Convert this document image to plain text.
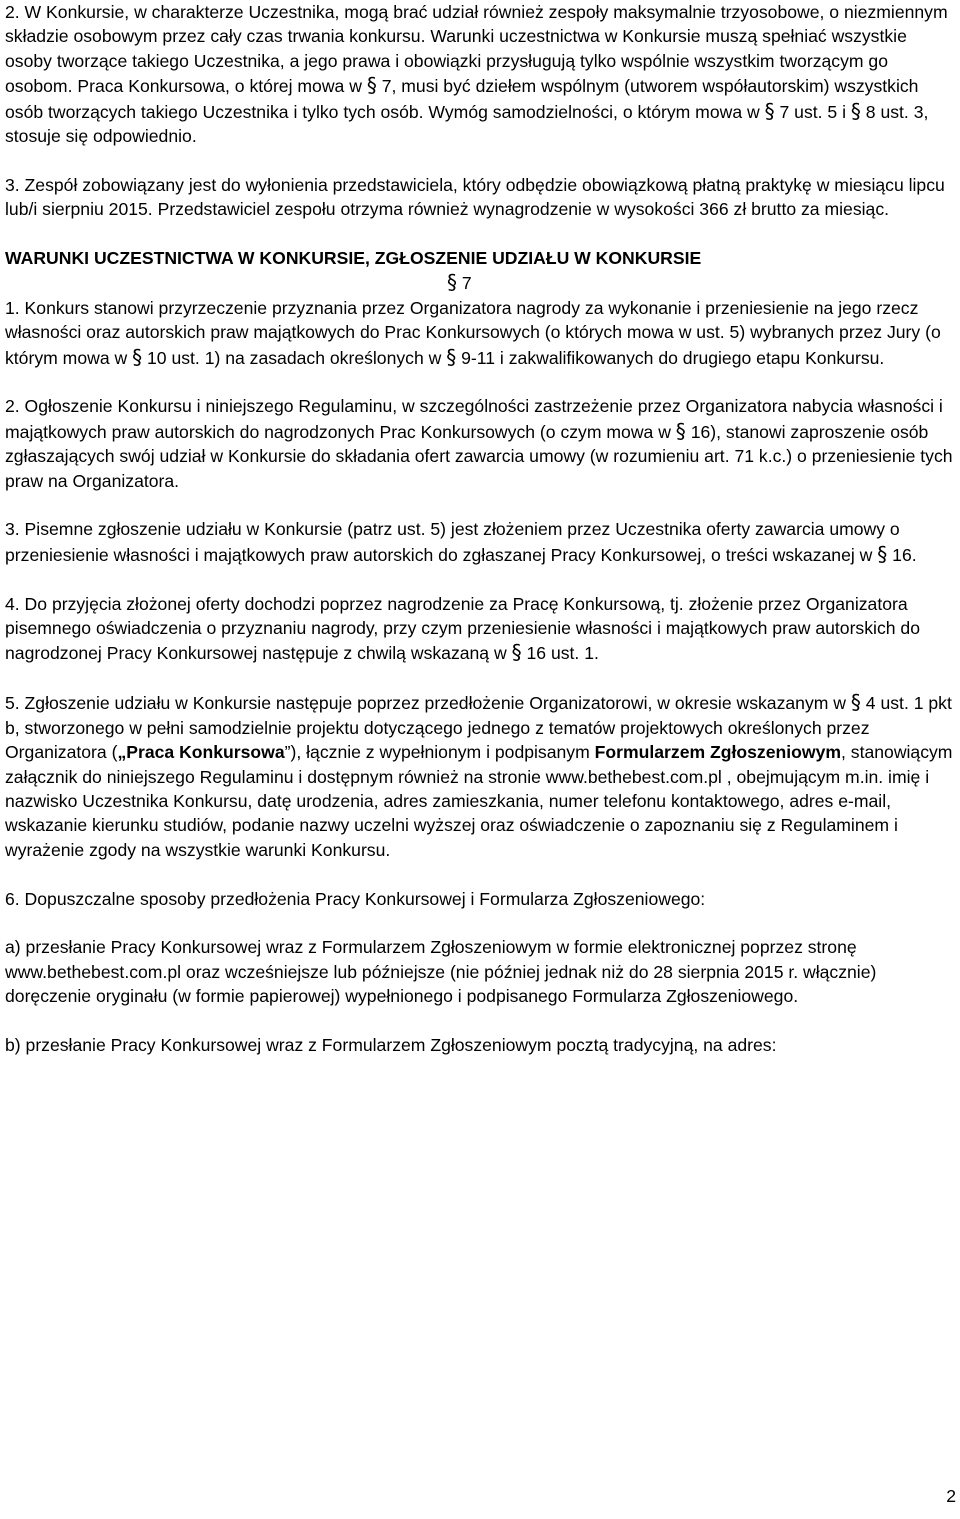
2. W Konkursie, w charakterze Uczestnika, mogą brać udział również zespoły maksymalnie trzyosobowe, o niezmiennym składzie osobowym przez cały czas trwania konkursu. Warunki uczestnictwa w Konkursie muszą spełniać wszystkie osoby tworzące takiego Uczestnika, a jego prawa i obowiązki przysługują tylko wspólnie wszystkim tworzącym go osobom. Praca Konkursowa, o której mowa w § 7, musi być dziełem wspólnym (utworem współautorskim) wszystkich osób tworzących takiego Uczestnika i tylko tych osób. Wymóg samodzielności, o którym mowa w § 7 ust. 5 i § 8 ust. 3, stosuje się odpowiednio.

3. Zespół zobowiązany jest do wyłonienia przedstawiciela, który odbędzie obowiązkową płatną praktykę w miesiącu lipcu lub/i sierpniu 2015. Przedstawiciel zespołu otrzyma również wynagrodzenie w wysokości 366 zł brutto za miesiąc.

WARUNKI UCZESTNICTWA W KONKURSIE, ZGŁOSZENIE UDZIAŁU W KONKURSIE

§ 7

1. Konkurs stanowi przyrzeczenie przyznania przez Organizatora nagrody za wykonanie i przeniesienie na jego rzecz własności oraz autorskich praw majątkowych do Prac Konkursowych (o których mowa w ust. 5) wybranych przez Jury (o którym mowa w § 10 ust. 1) na zasadach określonych w § 9-11 i zakwalifikowanych do drugiego etapu Konkursu.

2. Ogłoszenie Konkursu i niniejszego Regulaminu, w szczególności zastrzeżenie przez Organizatora nabycia własności i majątkowych praw autorskich do nagrodzonych Prac Konkursowych (o czym mowa w § 16), stanowi zaproszenie osób zgłaszających swój udział w Konkursie do składania ofert zawarcia umowy (w rozumieniu art. 71 k.c.) o przeniesienie tych praw na Organizatora.

3. Pisemne zgłoszenie udziału w Konkursie (patrz ust. 5) jest złożeniem przez Uczestnika oferty zawarcia umowy o przeniesienie własności i majątkowych praw autorskich do zgłaszanej Pracy Konkursowej, o treści wskazanej w § 16.

4. Do przyjęcia złożonej oferty dochodzi poprzez nagrodzenie za Pracę Konkursową, tj. złożenie przez Organizatora pisemnego oświadczenia o przyznaniu nagrody, przy czym przeniesienie własności i majątkowych praw autorskich do nagrodzonej Pracy Konkursowej następuje z chwilą wskazaną w § 16 ust. 1.

5. Zgłoszenie udziału w Konkursie następuje poprzez przedłożenie Organizatorowi, w okresie wskazanym w § 4 ust. 1 pkt b, stworzonego w pełni samodzielnie projektu dotyczącego jednego z tematów projektowych określonych przez Organizatora („Praca Konkursowa”), łącznie z wypełnionym i podpisanym Formularzem Zgłoszeniowym, stanowiącym załącznik do niniejszego Regulaminu i dostępnym również na stronie www.bethebest.com.pl , obejmującym m.in. imię i nazwisko Uczestnika Konkursu, datę urodzenia, adres zamieszkania, numer telefonu kontaktowego, adres e-mail, wskazanie kierunku studiów, podanie nazwy uczelni wyższej oraz oświadczenie o zapoznaniu się z Regulaminem i wyrażenie zgody na wszystkie warunki Konkursu.

6. Dopuszczalne sposoby przedłożenia Pracy Konkursowej i Formularza Zgłoszeniowego:

a) przesłanie Pracy Konkursowej wraz z Formularzem Zgłoszeniowym w formie elektronicznej poprzez stronę www.bethebest.com.pl oraz wcześniejsze lub późniejsze (nie później jednak niż do 28 sierpnia 2015 r. włącznie) doręczenie oryginału (w formie papierowej) wypełnionego i podpisanego Formularza Zgłoszeniowego.

b) przesłanie Pracy Konkursowej wraz z Formularzem Zgłoszeniowym pocztą tradycyjną, na adres:

2
